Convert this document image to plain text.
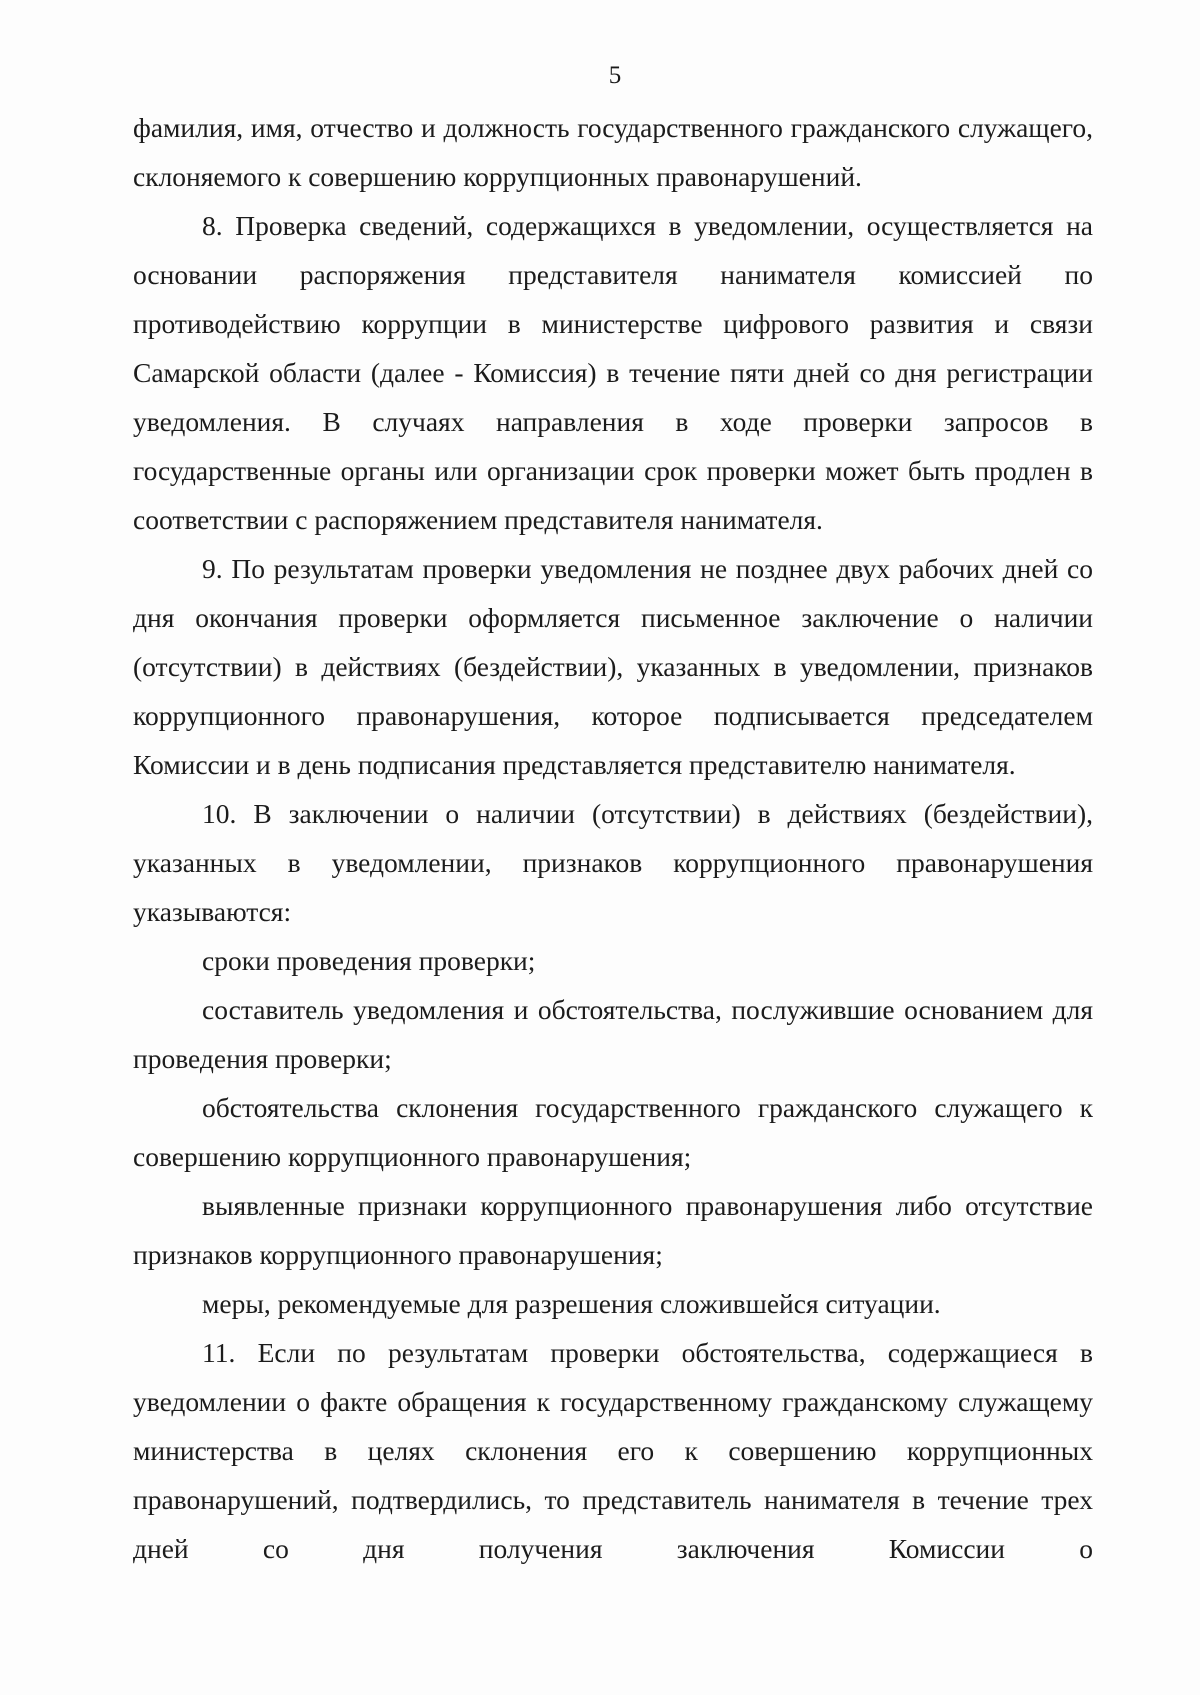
5

фамилия, имя, отчество и должность государственного гражданского служащего, склоняемого к совершению коррупционных правонарушений.

8. Проверка сведений, содержащихся в уведомлении, осуществляется на основании распоряжения представителя нанимателя комиссией по противодействию коррупции в министерстве цифрового развития и связи Самарской области (далее - Комиссия) в течение пяти дней со дня регистрации уведомления. В случаях направления в ходе проверки запросов в государственные органы или организации срок проверки может быть продлен в соответствии с распоряжением представителя нанимателя.

9. По результатам проверки уведомления не позднее двух рабочих дней со дня окончания проверки оформляется письменное заключение о наличии (отсутствии) в действиях (бездействии), указанных в уведомлении, признаков коррупционного правонарушения, которое подписывается председателем Комиссии и в день подписания представляется представителю нанимателя.

10. В заключении о наличии (отсутствии) в действиях (бездействии), указанных в уведомлении, признаков коррупционного правонарушения указываются:

сроки проведения проверки;

составитель уведомления и обстоятельства, послужившие основанием для проведения проверки;

обстоятельства склонения государственного гражданского служащего к совершению коррупционного правонарушения;

выявленные признаки коррупционного правонарушения либо отсутствие признаков коррупционного правонарушения;

меры, рекомендуемые для разрешения сложившейся ситуации.

11. Если по результатам проверки обстоятельства, содержащиеся в уведомлении о факте обращения к государственному гражданскому служащему министерства в целях склонения его к совершению коррупционных правонарушений, подтвердились, то представитель нанимателя в течение трех дней со дня получения заключения Комиссии о
